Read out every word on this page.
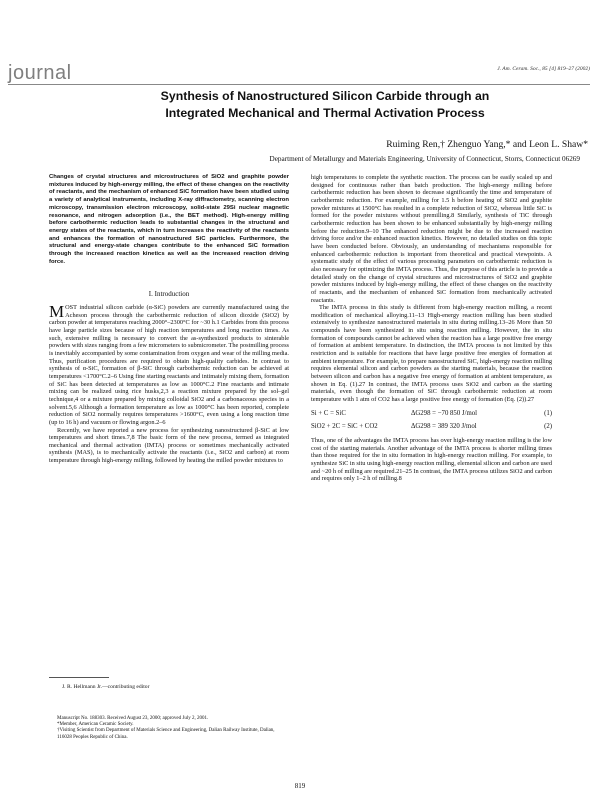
journal	J. Am. Ceram. Soc., 85 [4] 819–27 (2002)
Synthesis of Nanostructured Silicon Carbide through an
Integrated Mechanical and Thermal Activation Process
Ruiming Ren,† Zhenguo Yang,* and Leon L. Shaw*
Department of Metallurgy and Materials Engineering, University of Connecticut, Storrs, Connecticut 06269
Changes of crystal structures and microstructures of SiO2 and graphite powder mixtures induced by high-energy milling, the effect of these changes on the reactivity of reactants, and the mechanism of enhanced SiC formation have been studied using a variety of analytical instruments, including X-ray diffractometry, scanning electron microscopy, transmission electron microscopy, solid-state 29Si nuclear magnetic resonance, and nitrogen adsorption (i.e., the BET method). High-energy milling before carbothermic reduction leads to substantial changes in the structural and energy states of the reactants, which in turn increases the reactivity of the reactants and enhances the formation of nanostructured SiC particles. Furthermore, the structural and energy-state changes contribute to the enhanced SiC formation through the increased reaction kinetics as well as the increased reaction driving force.
I. Introduction

MOST industrial silicon carbide (α-SiC) powders are currently manufactured using the Acheson process through the carbothermic reduction of silicon dioxide (SiO2) by carbon powder at temperatures reaching 2000°–2300°C for ~30 h.1 Carbides from this process have large particle sizes because of high reaction temperatures and long reaction times. As such, extensive milling is necessary to convert the as-synthesized products to sinterable powders with sizes ranging from a few micrometers to submicrometer. The postmilling process is inevitably accompanied by some contamination from oxygen and wear of the milling media. Thus, purification procedures are required to obtain high-quality carbides. In contrast to synthesis of α-SiC, formation of β-SiC through carbothermic reduction can be achieved at temperatures <1700°C.2–6 Using fine starting reactants and intimately mixing them, formation of SiC has been detected at temperatures as low as 1000°C.2 Fine reactants and intimate mixing can be realized using rice husks,2,3 a reaction mixture prepared by the sol–gel technique,4 or a mixture prepared by mixing colloidal SiO2 and a carbonaceous species in a solvent.5,6 Although a formation temperature as low as 1000°C has been reported, complete reduction of SiO2 normally requires temperatures >1600°C, even using a long reaction time (up to 16 h) and vacuum or flowing argon.2–6

Recently, we have reported a new process for synthesizing nanostructured β-SiC at low temperatures and short times.7,8 The basic form of the new process, termed as integrated mechanical and thermal activation (IMTA) process or sometimes mechanically activated synthesis (MAS), is to mechanically activate the reactants (i.e., SiO2 and carbon) at room temperature through high-energy milling, followed by heating the milled powder mixtures to

J. R. Hellmann Jr.—contributing editor

Manuscript No. 188303. Received August 23, 2000; approved July 2, 2001.

*Member, American Ceramic Society.

†Visiting Scientist from Department of Materials Science and Engineering, Dalian Railway Institute, Dalian, 116028 Peoples Republic of China.

high temperatures to complete the synthetic reaction. The process can be easily scaled up and designed for continuous rather than batch production. The high-energy milling before carbothermic reduction has been shown to decrease significantly the time and temperature of carbothermic reduction. For example, milling for 1.5 h before heating of SiO2 and graphite powder mixtures at 1500°C has resulted in a complete reduction of SiO2, whereas little SiC is formed for the powder mixtures without premilling.8 Similarly, synthesis of TiC through carbothermic reduction has been shown to be enhanced substantially by high-energy milling before the reduction.9–10 The enhanced reduction might be due to the increased reaction driving force and/or the enhanced reaction kinetics. However, no detailed studies on this topic have been conducted before. Obviously, an understanding of mechanisms responsible for enhanced carbothermic reduction is important from theoretical and practical viewpoints. A systematic study of the effect of various processing parameters on carbothermic reduction is also necessary for optimizing the IMTA process. Thus, the purpose of this article is to provide a detailed study on the change of crystal structures and microstructures of SiO2 and graphite powder mixtures induced by high-energy milling, the effect of these changes on the reactivity of reactants, and the mechanism of enhanced SiC formation from mechanically activated reactants.

The IMTA process in this study is different from high-energy reaction milling, a recent modification of mechanical alloying.11–13 High-energy reaction milling has been studied extensively to synthesize nanostructured materials in situ during milling.13–26 More than 50 compounds have been synthesized in situ using reaction milling. However, the in situ formation of compounds cannot be achieved when the reaction has a large positive free energy of formation at ambient temperature. In distinction, the IMTA process is not limited by this restriction and is suitable for reactions that have large positive free energies of formation at ambient temperature. For example, to prepare nanostructured SiC, high-energy reaction milling requires elemental silicon and carbon powders as the starting materials, because the reaction between silicon and carbon has a negative free energy of formation at ambient temperature, as shown in Eq. (1).27 In contrast, the IMTA process uses SiO2 and carbon as the starting materials, even though the formation of SiC through carbothermic reduction at room temperature with 1 atm of CO2 has a large positive free energy of formation (Eq. (2)).27

Si + C = SiC	ΔG298 = −70 850 J/mol	(1)
SiO2 + 2C = SiC + CO2	ΔG298 = 389 320 J/mol	(2)

Thus, one of the advantages the IMTA process has over high-energy reaction milling is the low cost of the starting materials. Another advantage of the IMTA process is shorter milling times than those required for the in situ formation in high-energy reaction milling. For example, to synthesize SiC in situ using high-energy reaction milling, elemental silicon and carbon are used and ~20 h of milling are required.21–25 In contrast, the IMTA process utilizes SiO2 and carbon and requires only 1–2 h of milling.8

819
